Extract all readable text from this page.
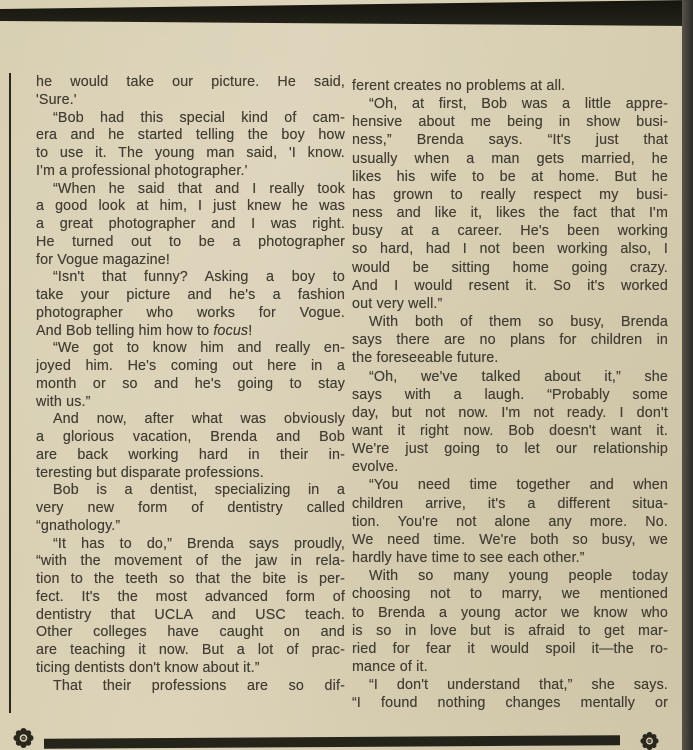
he would take our picture. He said,
'Sure.'
“Bob had this special kind of cam-
era and he started telling the boy how
to use it. The young man said, 'I know.
I'm a professional photographer.'
“When he said that and I really took
a good look at him, I just knew he was
a great photographer and I was right.
He turned out to be a photographer
for Vogue magazine!
“Isn't that funny? Asking a boy to
take your picture and he's a fashion
photographer who works for Vogue.
And Bob telling him how to focus!
“We got to know him and really en-
joyed him. He's coming out here in a
month or so and he's going to stay
with us.”
And now, after what was obviously
a glorious vacation, Brenda and Bob
are back working hard in their in-
teresting but disparate professions.
Bob is a dentist, specializing in a
very new form of dentistry called
“gnathology.”
“It has to do,” Brenda says proudly,
“with the movement of the jaw in rela-
tion to the teeth so that the bite is per-
fect. It's the most advanced form of
dentistry that UCLA and USC teach.
Other colleges have caught on and
are teaching it now. But a lot of prac-
ticing dentists don't know about it.”
That their professions are so dif-
ferent creates no problems at all.
“Oh, at first, Bob was a little appre-
hensive about me being in show busi-
ness,” Brenda says. “It's just that
usually when a man gets married, he
likes his wife to be at home. But he
has grown to really respect my busi-
ness and like it, likes the fact that I'm
busy at a career. He's been working
so hard, had I not been working also, I
would be sitting home going crazy.
And I would resent it. So it's worked
out very well.”
With both of them so busy, Brenda
says there are no plans for children in
the foreseeable future.
“Oh, we've talked about it,” she
says with a laugh. “Probably some
day, but not now. I'm not ready. I don't
want it right now. Bob doesn't want it.
We're just going to let our relationship
evolve.
“You need time together and when
children arrive, it's a different situa-
tion. You're not alone any more. No.
We need time. We're both so busy, we
hardly have time to see each other.”
With so many young people today
choosing not to marry, we mentioned
to Brenda a young actor we know who
is so in love but is afraid to get mar-
ried for fear it would spoil it—the ro-
mance of it.
“I don't understand that,” she says.
“I found nothing changes mentally or
